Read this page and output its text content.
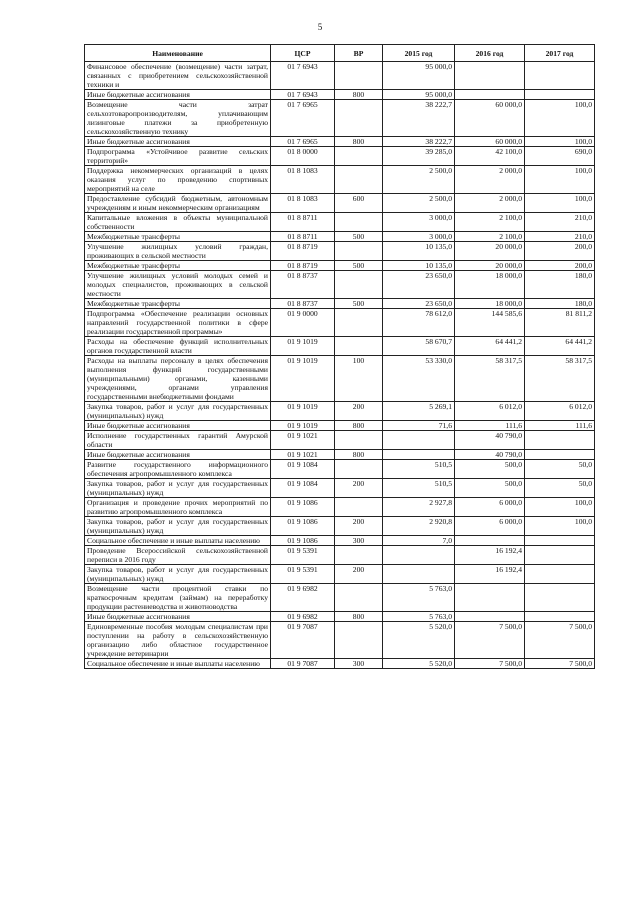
5
Наименование	ЦСР	ВР	2015 год	2016 год	2017 год
Финансовое обеспечение (возмещение) части затрат, связанных с приобретением сельскохозяйственной техники и	01 7 6943		95 000,0		
Иные бюджетные ассигнования	01 7 6943	800	95 000,0		
Возмещение части затрат сельхозтоваропроизводителям, уплачивающим лизинговые платежи за приобретенную сельскохозяйственную технику	01 7 6965		38 222,7	60 000,0	100,0
Иные бюджетные ассигнования	01 7 6965	800	38 222,7	60 000,0	100,0
Подпрограмма «Устойчивое развитие сельских территорий»	01 8 0000		39 285,0	42 100,0	690,0
Поддержка некоммерческих организаций в целях оказания услуг по проведению спортивных мероприятий на селе	01 8 1083		2 500,0	2 000,0	100,0
Предоставление субсидий бюджетным, автономным учреждениям и иным некоммерческим организациям	01 8 1083	600	2 500,0	2 000,0	100,0
Капитальные вложения в объекты муниципальной собственности	01 8 8711		3 000,0	2 100,0	210,0
Межбюджетные трансферты	01 8 8711	500	3 000,0	2 100,0	210,0
Улучшение жилищных условий граждан, проживающих в сельской местности	01 8 8719		10 135,0	20 000,0	200,0
Межбюджетные трансферты	01 8 8719	500	10 135,0	20 000,0	200,0
Улучшение жилищных условий молодых семей и молодых специалистов, проживающих в сельской местности	01 8 8737		23 650,0	18 000,0	180,0
Межбюджетные трансферты	01 8 8737	500	23 650,0	18 000,0	180,0
Подпрограмма «Обеспечение реализации основных направлений государственной политики в сфере реализации государственной программы»	01 9 0000		78 612,0	144 585,6	81 811,2
Расходы на обеспечение функций исполнительных органов государственной власти	01 9 1019		58 670,7	64 441,2	64 441,2
Расходы на выплаты персоналу в целях обеспечения выполнения функций государственными (муниципальными) органами, казенными учреждениями, органами управления государственными внебюджетными фондами	01 9 1019	100	53 330,0	58 317,5	58 317,5
Закупка товаров, работ и услуг для государственных (муниципальных) нужд	01 9 1019	200	5 269,1	6 012,0	6 012,0
Иные бюджетные ассигнования	01 9 1019	800	71,6	111,6	111,6
Исполнение государственных гарантий Амурской области	01 9 1021			40 790,0	
Иные бюджетные ассигнования	01 9 1021	800		40 790,0	
Развитие государственного информационного обеспечения агропромышленного комплекса	01 9 1084		510,5	500,0	50,0
Закупка товаров, работ и услуг для государственных (муниципальных) нужд	01 9 1084	200	510,5	500,0	50,0
Организация и проведение прочих мероприятий по развитию агропромышленного комплекса	01 9 1086		2 927,8	6 000,0	100,0
Закупка товаров, работ и услуг для государственных (муниципальных) нужд	01 9 1086	200	2 920,8	6 000,0	100,0
Социальное обеспечение и иные выплаты населению	01 9 1086	300	7,0		
Проведение Всероссийской сельскохозяйственной переписи в 2016 году	01 9 5391			16 192,4	
Закупка товаров, работ и услуг для государственных (муниципальных) нужд	01 9 5391	200		16 192,4	
Возмещение части процентной ставки по краткосрочным кредитам (займам) на переработку продукции растениеводства и животноводства	01 9 6982		5 763,0		
Иные бюджетные ассигнования	01 9 6982	800	5 763,0		
Единовременные пособия молодым специалистам при поступлении на работу в сельскохозяйственную организацию либо областное государственное учреждение ветеринарии	01 9 7087		5 520,0	7 500,0	7 500,0
Социальное обеспечение и иные выплаты населению	01 9 7087	300	5 520,0	7 500,0	7 500,0
